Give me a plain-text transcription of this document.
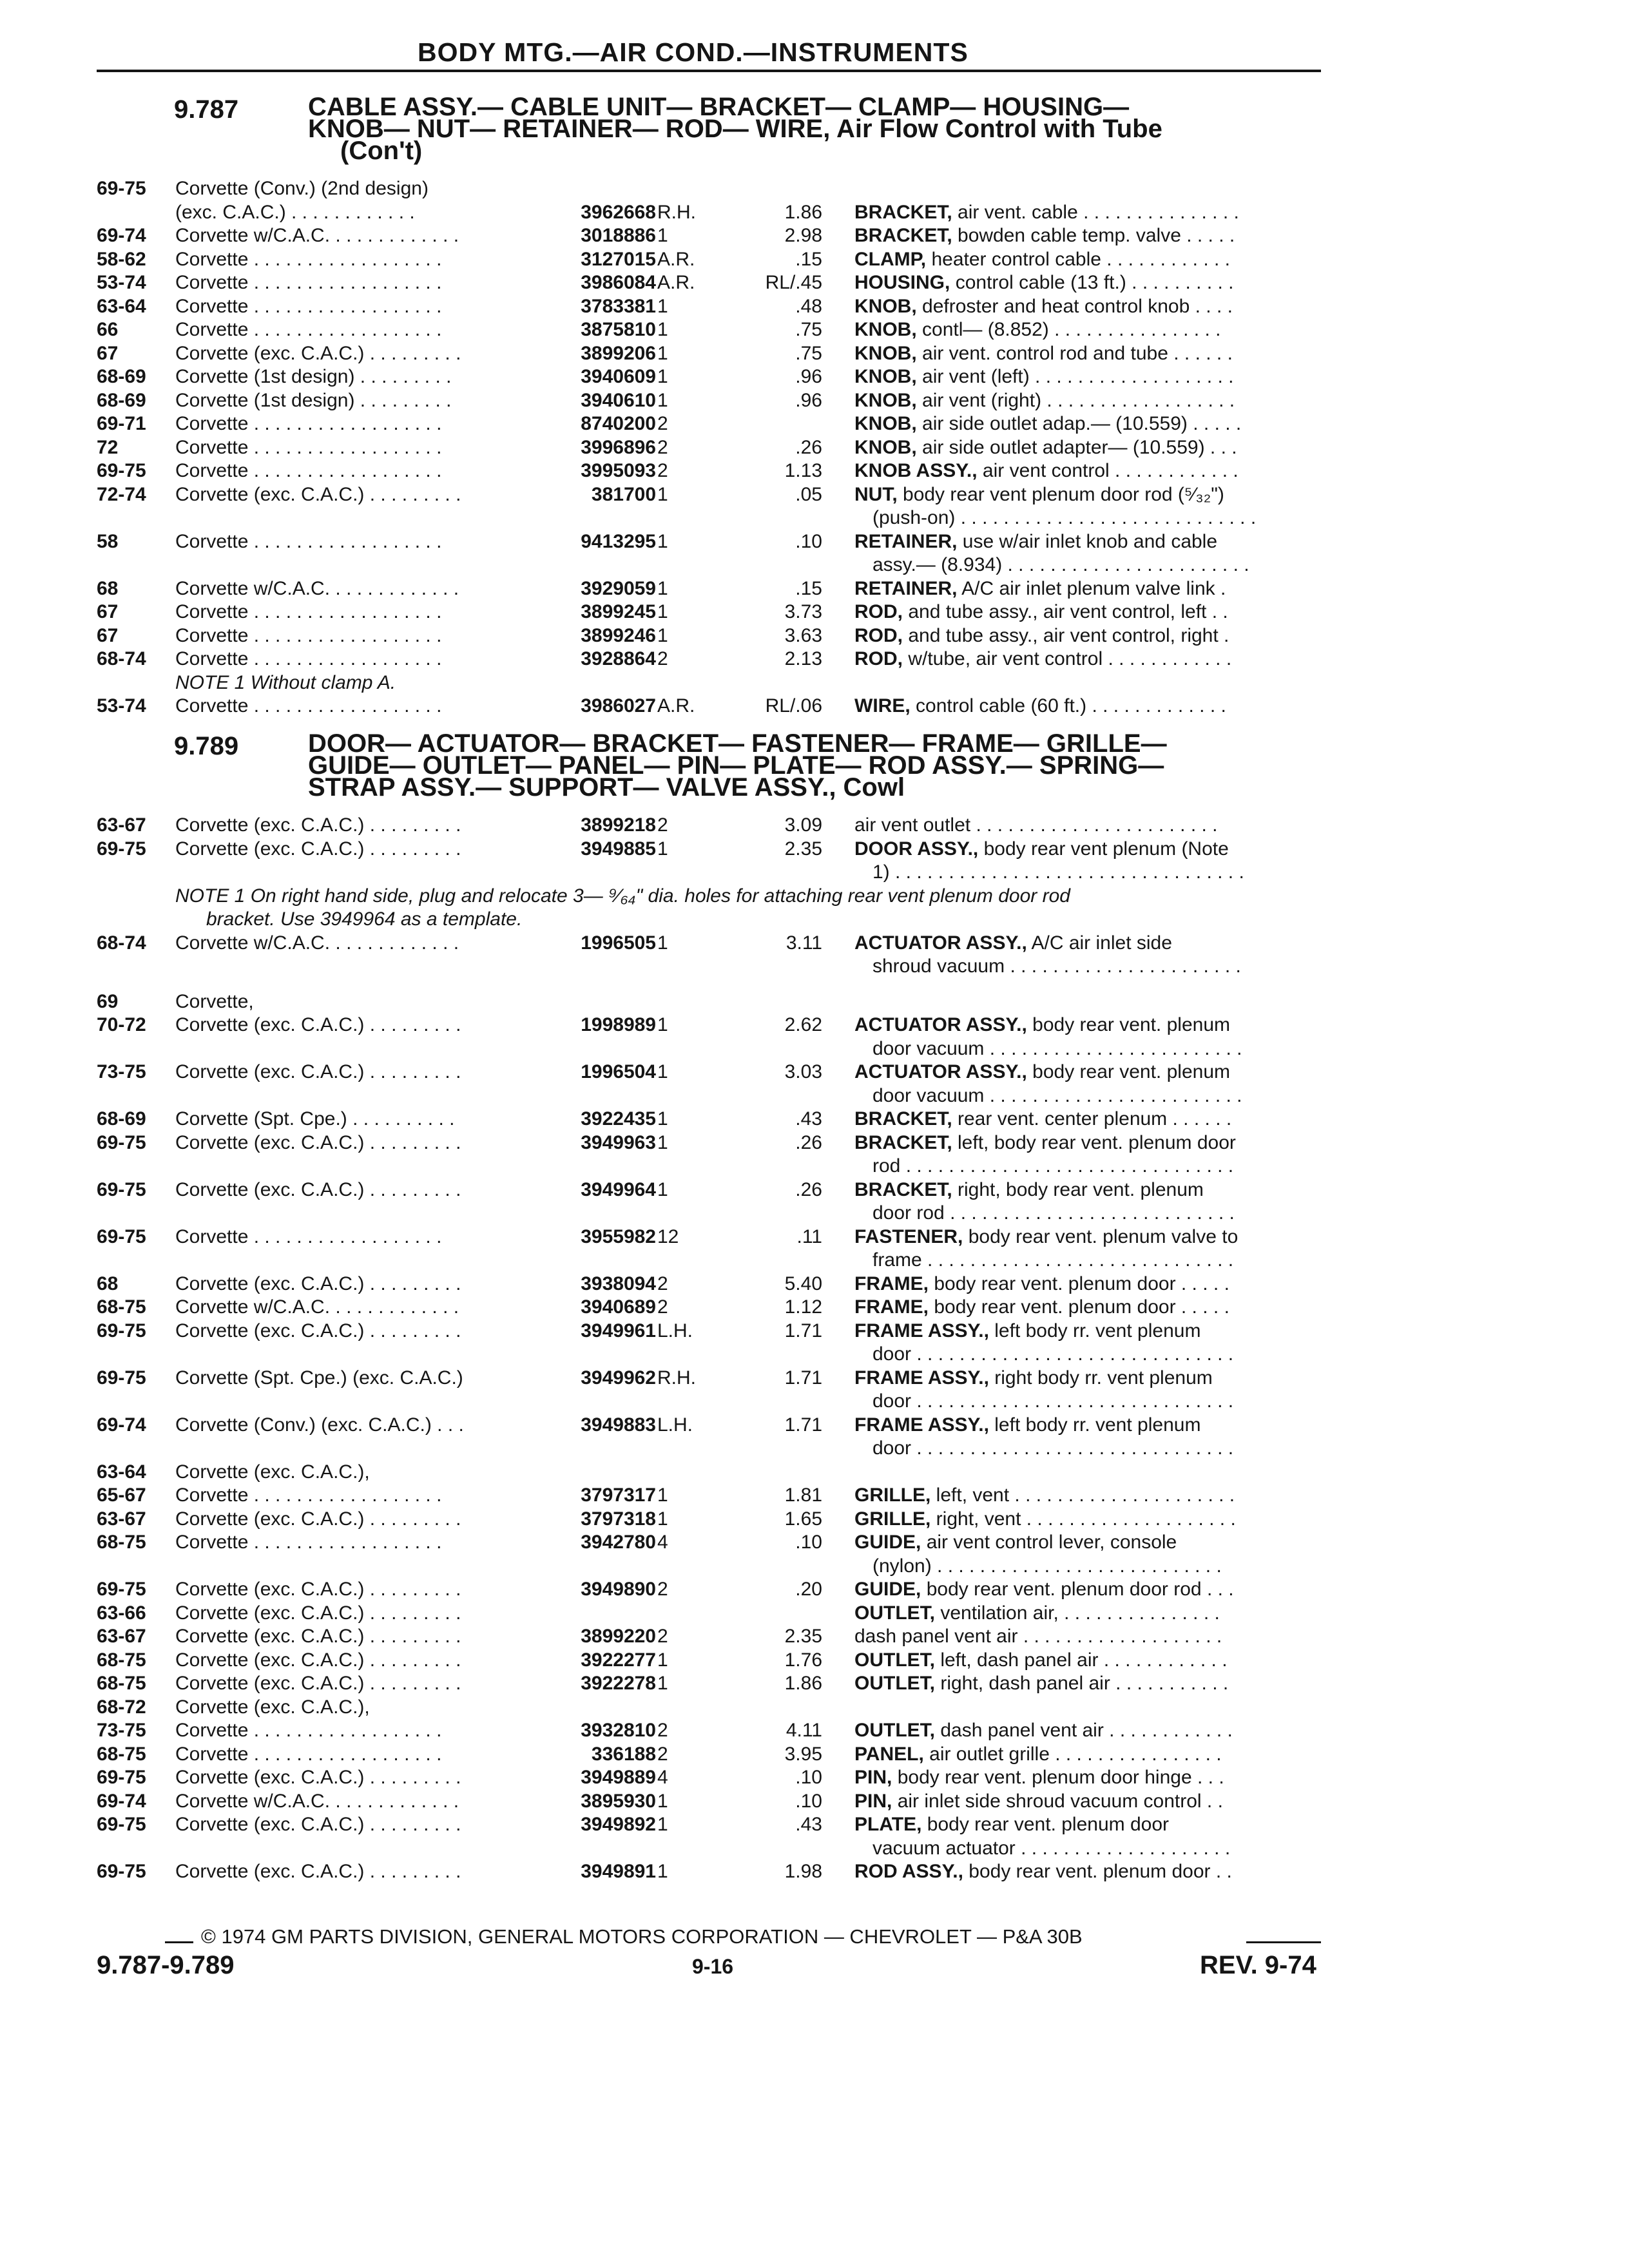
BODY MTG.—AIR COND.—INSTRUMENTS
9.787	CABLE ASSY.— CABLE UNIT— BRACKET— CLAMP— HOUSING—
KNOB— NUT— RETAINER— ROD— WIRE, Air Flow Control with Tube
(Con't)
69-75 Corvette (Conv.) (2nd design)
(exc. C.A.C.) . . . . . . . . . . . .	3962668 R.H.	1.86 BRACKET, air vent. cable . . . . . . . . . . . . . . .
69-74 Corvette w/C.A.C. . . . . . . . . . . . .	3018886 1	2.98 BRACKET, bowden cable temp. valve . . . . .
58-62 Corvette . . . . . . . . . . . . . . . . . .	3127015 A.R.	.15 CLAMP, heater control cable . . . . . . . . . . . .
53-74 Corvette . . . . . . . . . . . . . . . . . .	3986084 A.R.	RL/.45 HOUSING, control cable (13 ft.) . . . . . . . . . .
63-64 Corvette . . . . . . . . . . . . . . . . . .	3783381 1	.48 KNOB, defroster and heat control knob . . . .
66	Corvette . . . . . . . . . . . . . . . . . .	3875810 1	.75 KNOB, contl— (8.852) . . . . . . . . . . . . . . . .
67	Corvette (exc. C.A.C.) . . . . . . . . .	3899206 1	.75 KNOB, air vent. control rod and tube . . . . . .
68-69 Corvette (1st design) . . . . . . . . .	3940609 1	.96 KNOB, air vent (left) . . . . . . . . . . . . . . . . . . .
68-69 Corvette (1st design) . . . . . . . . .	3940610 1	.96 KNOB, air vent (right) . . . . . . . . . . . . . . . . . .
69-71 Corvette . . . . . . . . . . . . . . . . . .	8740200 2	KNOB, air side outlet adap.— (10.559) . . . . .
72	Corvette . . . . . . . . . . . . . . . . . .	3996896 2	.26 KNOB, air side outlet adapter— (10.559) . . .
69-75 Corvette . . . . . . . . . . . . . . . . . .	3995093 2	1.13 KNOB ASSY., air vent control . . . . . . . . . . . .
72-74 Corvette (exc. C.A.C.) . . . . . . . . .	381700 1	.05 NUT, body rear vent plenum door rod (⁵⁄₃₂")
(push-on) . . . . . . . . . . . . . . . . . . . . . . . . . . . .
58	Corvette . . . . . . . . . . . . . . . . . .	9413295 1	.10 RETAINER, use w/air inlet knob and cable
assy.— (8.934) . . . . . . . . . . . . . . . . . . . . . . .
68	Corvette w/C.A.C. . . . . . . . . . . . .	3929059 1	.15 RETAINER, A/C air inlet plenum valve link .
67	Corvette . . . . . . . . . . . . . . . . . .	3899245 1	3.73 ROD, and tube assy., air vent control, left . .
67	Corvette . . . . . . . . . . . . . . . . . .	3899246 1	3.63 ROD, and tube assy., air vent control, right .
68-74 Corvette . . . . . . . . . . . . . . . . . .	3928864 2	2.13 ROD, w/tube, air vent control . . . . . . . . . . . .
NOTE 1 Without clamp A.
53-74 Corvette . . . . . . . . . . . . . . . . . .	3986027 A.R.	RL/.06 WIRE, control cable (60 ft.) . . . . . . . . . . . . .
9.789	DOOR— ACTUATOR— BRACKET— FASTENER— FRAME— GRILLE—
GUIDE— OUTLET— PANEL— PIN— PLATE— ROD ASSY.— SPRING—
STRAP ASSY.— SUPPORT— VALVE ASSY., Cowl
63-67 Corvette (exc. C.A.C.) . . . . . . . . .	3899218 2	3.09 air vent outlet . . . . . . . . . . . . . . . . . . . . . . .
69-75 Corvette (exc. C.A.C.) . . . . . . . . .	3949885 1	2.35 DOOR ASSY., body rear vent plenum (Note
1) . . . . . . . . . . . . . . . . . . . . . . . . . . . . . . . . .
NOTE 1 On right hand side, plug and relocate 3— ⁹⁄₆₄" dia. holes for attaching rear vent plenum door rod
bracket. Use 3949964 as a template.
68-74 Corvette w/C.A.C. . . . . . . . . . . . .	1996505 1	3.11 ACTUATOR ASSY., A/C air inlet side
shroud vacuum . . . . . . . . . . . . . . . . . . . . . .
69	Corvette,
70-72 Corvette (exc. C.A.C.) . . . . . . . . .	1998989 1	2.62 ACTUATOR ASSY., body rear vent. plenum
door vacuum . . . . . . . . . . . . . . . . . . . . . . . .
73-75 Corvette (exc. C.A.C.) . . . . . . . . .	1996504 1	3.03 ACTUATOR ASSY., body rear vent. plenum
door vacuum . . . . . . . . . . . . . . . . . . . . . . . .
68-69 Corvette (Spt. Cpe.) . . . . . . . . . .	3922435 1	.43 BRACKET, rear vent. center plenum . . . . . .
69-75 Corvette (exc. C.A.C.) . . . . . . . . .	3949963 1	.26 BRACKET, left, body rear vent. plenum door
rod . . . . . . . . . . . . . . . . . . . . . . . . . . . . . . .
69-75 Corvette (exc. C.A.C.) . . . . . . . . .	3949964 1	.26 BRACKET, right, body rear vent. plenum
door rod . . . . . . . . . . . . . . . . . . . . . . . . . . .
69-75 Corvette . . . . . . . . . . . . . . . . . .	3955982 12	.11 FASTENER, body rear vent. plenum valve to
frame . . . . . . . . . . . . . . . . . . . . . . . . . . . . .
68	Corvette (exc. C.A.C.) . . . . . . . . .	3938094 2	5.40 FRAME, body rear vent. plenum door . . . . .
68-75 Corvette w/C.A.C. . . . . . . . . . . . .	3940689 2	1.12 FRAME, body rear vent. plenum door . . . . .
69-75 Corvette (exc. C.A.C.) . . . . . . . . .	3949961 L.H.	1.71 FRAME ASSY., left body rr. vent plenum
door . . . . . . . . . . . . . . . . . . . . . . . . . . . . . .
69-75 Corvette (Spt. Cpe.) (exc. C.A.C.)	3949962 R.H.	1.71 FRAME ASSY., right body rr. vent plenum
door . . . . . . . . . . . . . . . . . . . . . . . . . . . . . .
69-74 Corvette (Conv.) (exc. C.A.C.) . . .	3949883 L.H.	1.71 FRAME ASSY., left body rr. vent plenum
door . . . . . . . . . . . . . . . . . . . . . . . . . . . . . .
63-64 Corvette (exc. C.A.C.),
65-67 Corvette . . . . . . . . . . . . . . . . . .	3797317 1	1.81 GRILLE, left, vent . . . . . . . . . . . . . . . . . . . . .
63-67 Corvette (exc. C.A.C.) . . . . . . . . .	3797318 1	1.65 GRILLE, right, vent . . . . . . . . . . . . . . . . . . . .
68-75 Corvette . . . . . . . . . . . . . . . . . .	3942780 4	.10 GUIDE, air vent control lever, console
(nylon) . . . . . . . . . . . . . . . . . . . . . . . . . . .
69-75 Corvette (exc. C.A.C.) . . . . . . . . .	3949890 2	.20 GUIDE, body rear vent. plenum door rod . . .
63-66 Corvette (exc. C.A.C.) . . . . . . . . .	OUTLET, ventilation air, . . . . . . . . . . . . . . .
63-67 Corvette (exc. C.A.C.) . . . . . . . . .	3899220 2	2.35 dash panel vent air . . . . . . . . . . . . . . . . . . .
68-75 Corvette (exc. C.A.C.) . . . . . . . . .	3922277 1	1.76 OUTLET, left, dash panel air . . . . . . . . . . . .
68-75 Corvette (exc. C.A.C.) . . . . . . . . .	3922278 1	1.86 OUTLET, right, dash panel air . . . . . . . . . . .
68-72 Corvette (exc. C.A.C.),
73-75 Corvette . . . . . . . . . . . . . . . . . .	3932810 2	4.11 OUTLET, dash panel vent air . . . . . . . . . . . .
68-75 Corvette . . . . . . . . . . . . . . . . . .	336188 2	3.95 PANEL, air outlet grille . . . . . . . . . . . . . . . .
69-75 Corvette (exc. C.A.C.) . . . . . . . . .	3949889 4	.10 PIN, body rear vent. plenum door hinge . . .
69-74 Corvette w/C.A.C. . . . . . . . . . . . .	3895930 1	.10 PIN, air inlet side shroud vacuum control . .
69-75 Corvette (exc. C.A.C.) . . . . . . . . .	3949892 1	.43 PLATE, body rear vent. plenum door
vacuum actuator . . . . . . . . . . . . . . . . . . . .
69-75 Corvette (exc. C.A.C.) . . . . . . . . .	3949891 1	1.98 ROD ASSY., body rear vent. plenum door . .
© 1974 GM PARTS DIVISION, GENERAL MOTORS CORPORATION — CHEVROLET — P&A 30B
9.787-9.789	9-16	REV. 9-74
